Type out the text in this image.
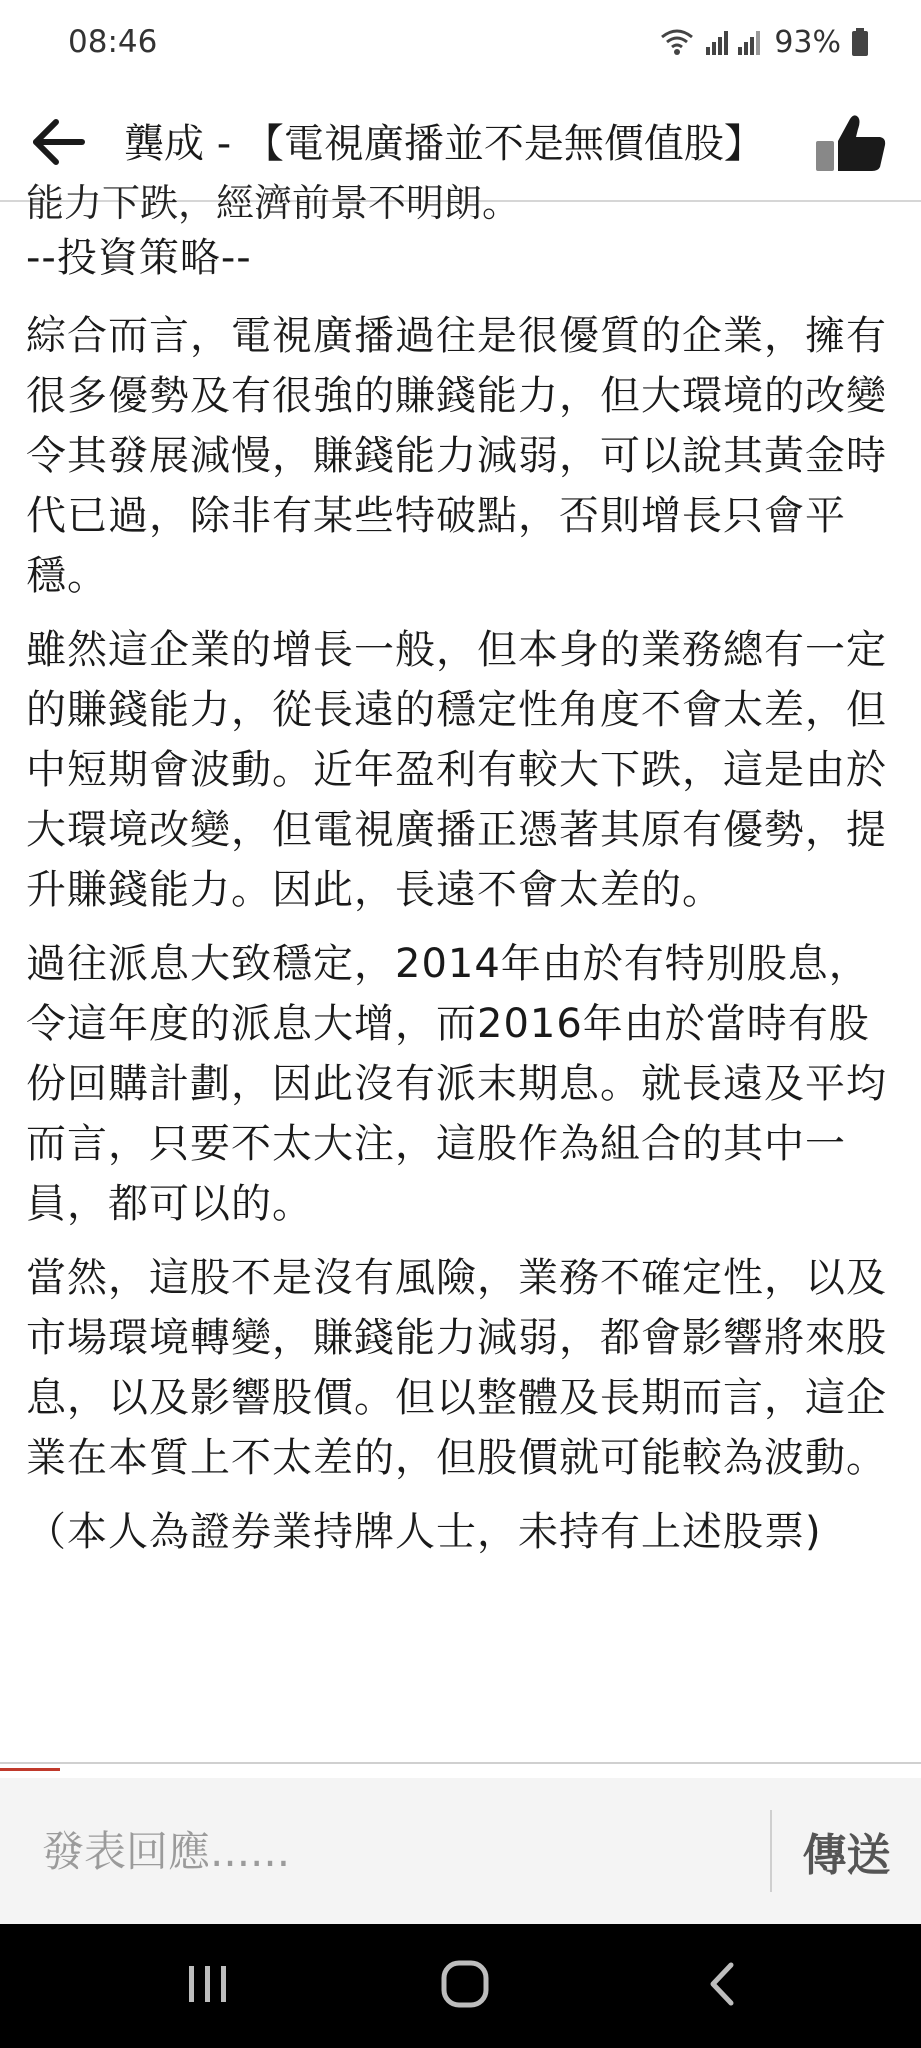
08:46	93%
龔成 - 【電視廣播並不是無價值股】
能力下跌，經濟前景不明朗。

--投資策略--

綜合而言，電視廣播過往是很優質的企業，擁有很多優勢及有很強的賺錢能力，但大環境的改變令其發展減慢，賺錢能力減弱，可以說其黃金時代已過，除非有某些特破點，否則增長只會平穩。

雖然這企業的增長一般，但本身的業務總有一定的賺錢能力，從長遠的穩定性角度不會太差，但中短期會波動。近年盈利有較大下跌，這是由於大環境改變，但電視廣播正憑著其原有優勢，提升賺錢能力。因此，長遠不會太差的。

過往派息大致穩定，2014年由於有特別股息，令這年度的派息大增，而2016年由於當時有股份回購計劃，因此沒有派末期息。就長遠及平均而言，只要不太大注，這股作為組合的其中一員，都可以的。

當然，這股不是沒有風險，業務不確定性，以及市場環境轉變，賺錢能力減弱，都會影響將來股息，以及影響股價。但以整體及長期而言，這企業在本質上不太差的，但股價就可能較為波動。

（本人為證券業持牌人士，未持有上述股票)

發表回應......
傳送
